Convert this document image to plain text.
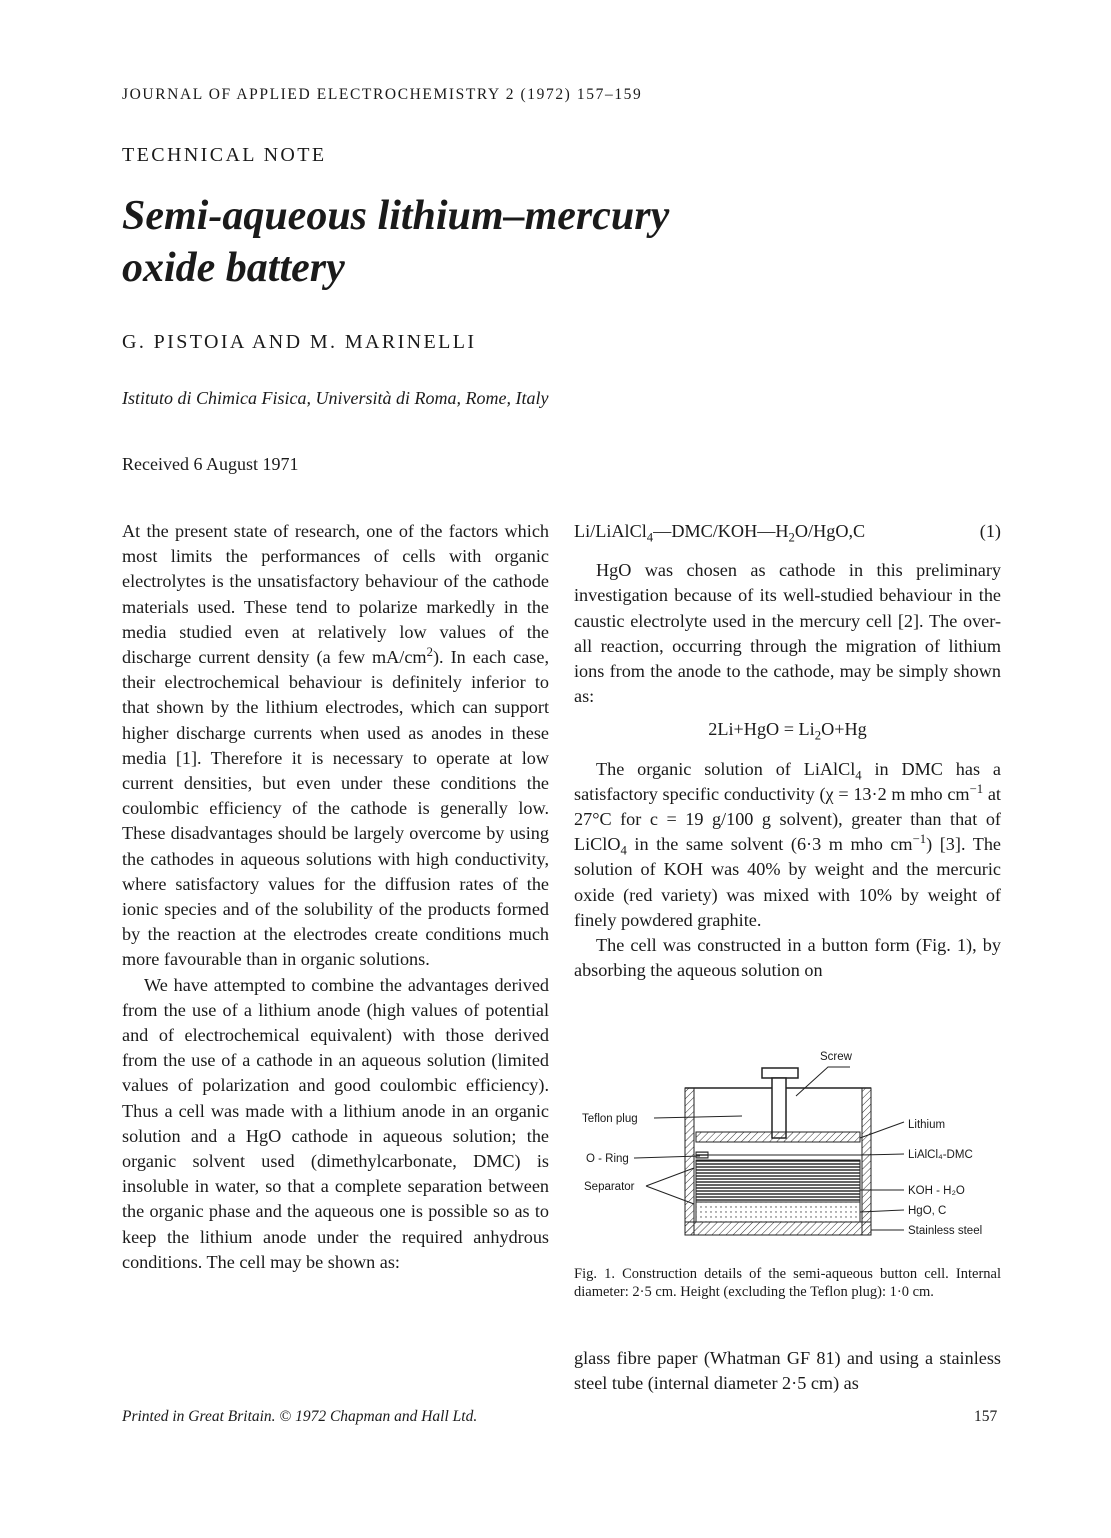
JOURNAL OF APPLIED ELECTROCHEMISTRY 2 (1972) 157–159
TECHNICAL NOTE
Semi-aqueous lithium–mercury
oxide battery
G. PISTOIA AND M. MARINELLI
Istituto di Chimica Fisica, Università di Roma, Rome, Italy
Received 6 August 1971

At the present state of research, one of the factors which most limits the performances of cells with organic electrolytes is the unsatisfactory behaviour of the cathode materials used. These tend to polarize markedly in the media studied even at relatively low values of the discharge current density (a few $mA/cm^2$). In each case, their electrochemical behaviour is definitely inferior to that shown by the lithium electrodes, which can support higher discharge currents when used as anodes in these media [1]. Therefore it is necessary to operate at low current densities, but even under these conditions the coulombic efficiency of the cathode is generally low. These disadvantages should be largely overcome by using the cathodes in aqueous solutions with high conductivity, where satisfactory values for the diffusion rates of the ionic species and of the solubility of the products formed by the reaction at the electrodes create conditions much more favourable than in organic solutions.

We have attempted to combine the advantages derived from the use of a lithium anode (high values of potential and of electrochemical equivalent) with those derived from the use of a cathode in an aqueous solution (limited values of polarization and good coulombic efficiency). Thus a cell was made with a lithium anode in an organic solution and a HgO cathode in aqueous solution; the organic solvent used (dimethylcarbonate, DMC) is insoluble in water, so that a complete separation between the organic phase and the aqueous one is possible so as to keep the lithium anode under the required anhydrous conditions. The cell may be shown as:

$Li/LiAlCl_4—DMC/KOH—H_2O/HgO,C$	(1)

HgO was chosen as cathode in this preliminary investigation because of its well-studied behaviour in the caustic electrolyte used in the mercury cell [2]. The over-all reaction, occurring through the migration of lithium ions from the anode to the cathode, may be simply shown as:

$2Li+HgO = Li_2O+Hg$

The organic solution of LiAlCl$_4$ in DMC has a satisfactory specific conductivity (χ = 13·2 m mho $cm^{-1}$ at 27°C for c = 19 g/100 g solvent), greater than that of LiClO$_4$ in the same solvent (6·3 m mho $cm^{-1}$) [3]. The solution of KOH was 40% by weight and the mercuric oxide (red variety) was mixed with 10% by weight of finely powdered graphite.

The cell was constructed in a button form (Fig. 1), by absorbing the aqueous solution on

Screw
Teflon plug
O - Ring
Separator
Lithium
LiAlCl₄-DMC
KOH - H₂O
HgO, C
Stainless steel
Fig. 1. Construction details of the semi-aqueous button cell. Internal diameter: 2·5 cm. Height (excluding the Teflon plug): 1·0 cm.

glass fibre paper (Whatman GF 81) and using a stainless steel tube (internal diameter 2·5 cm) as

Printed in Great Britain. © 1972 Chapman and Hall Ltd.	157
